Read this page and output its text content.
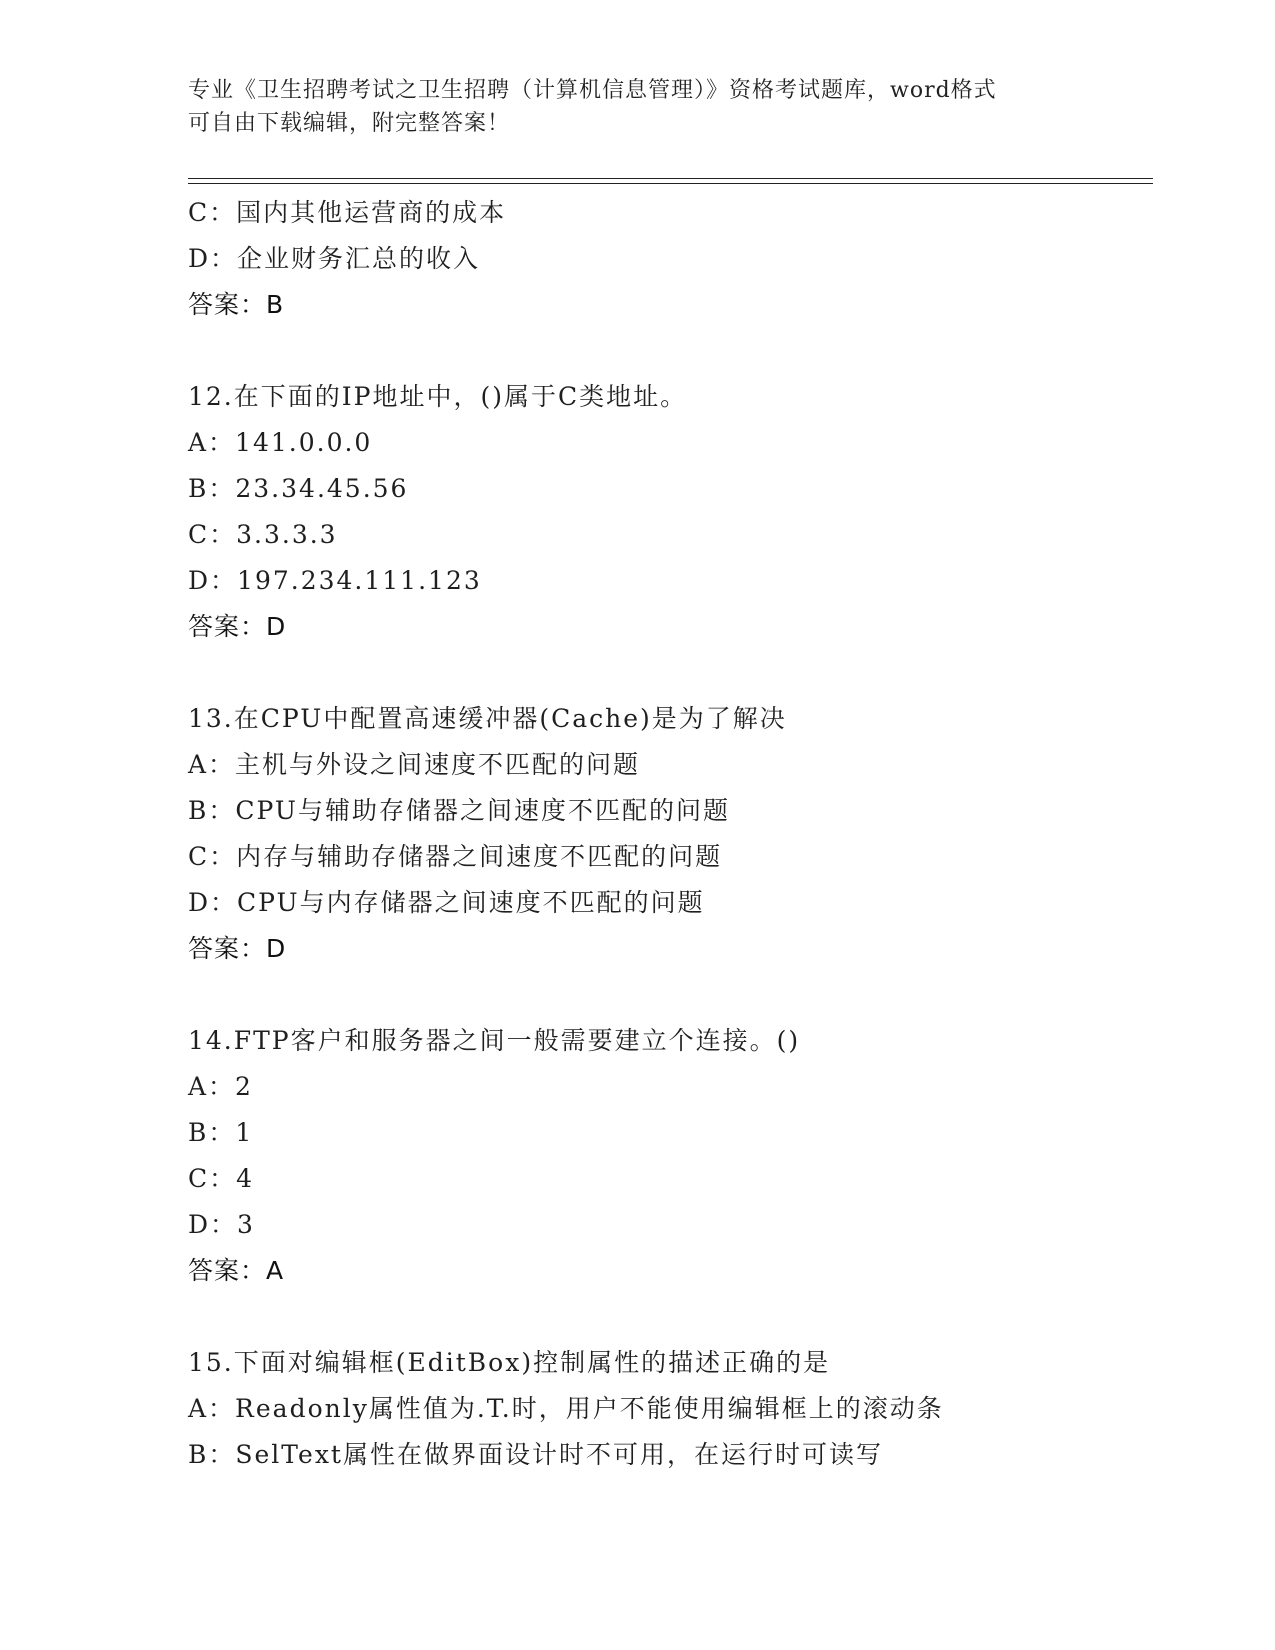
专业《卫生招聘考试之卫生招聘（计算机信息管理）》资格考试题库，word格式
可自由下载编辑，附完整答案！
C：国内其他运营商的成本
D：企业财务汇总的收入
答案：B
12.在下面的IP地址中，()属于C类地址。
A：141.0.0.0
B：23.34.45.56
C：3.3.3.3
D：197.234.111.123
答案：D
13.在CPU中配置高速缓冲器(Cache)是为了解决
A：主机与外设之间速度不匹配的问题
B：CPU与辅助存储器之间速度不匹配的问题
C：内存与辅助存储器之间速度不匹配的问题
D：CPU与内存储器之间速度不匹配的问题
答案：D
14.FTP客户和服务器之间一般需要建立个连接。()
A：2
B：1
C：4
D：3
答案：A
15.下面对编辑框(EditBox)控制属性的描述正确的是
A：Readonly属性值为.T.时，用户不能使用编辑框上的滚动条
B：SelText属性在做界面设计时不可用，在运行时可读写
